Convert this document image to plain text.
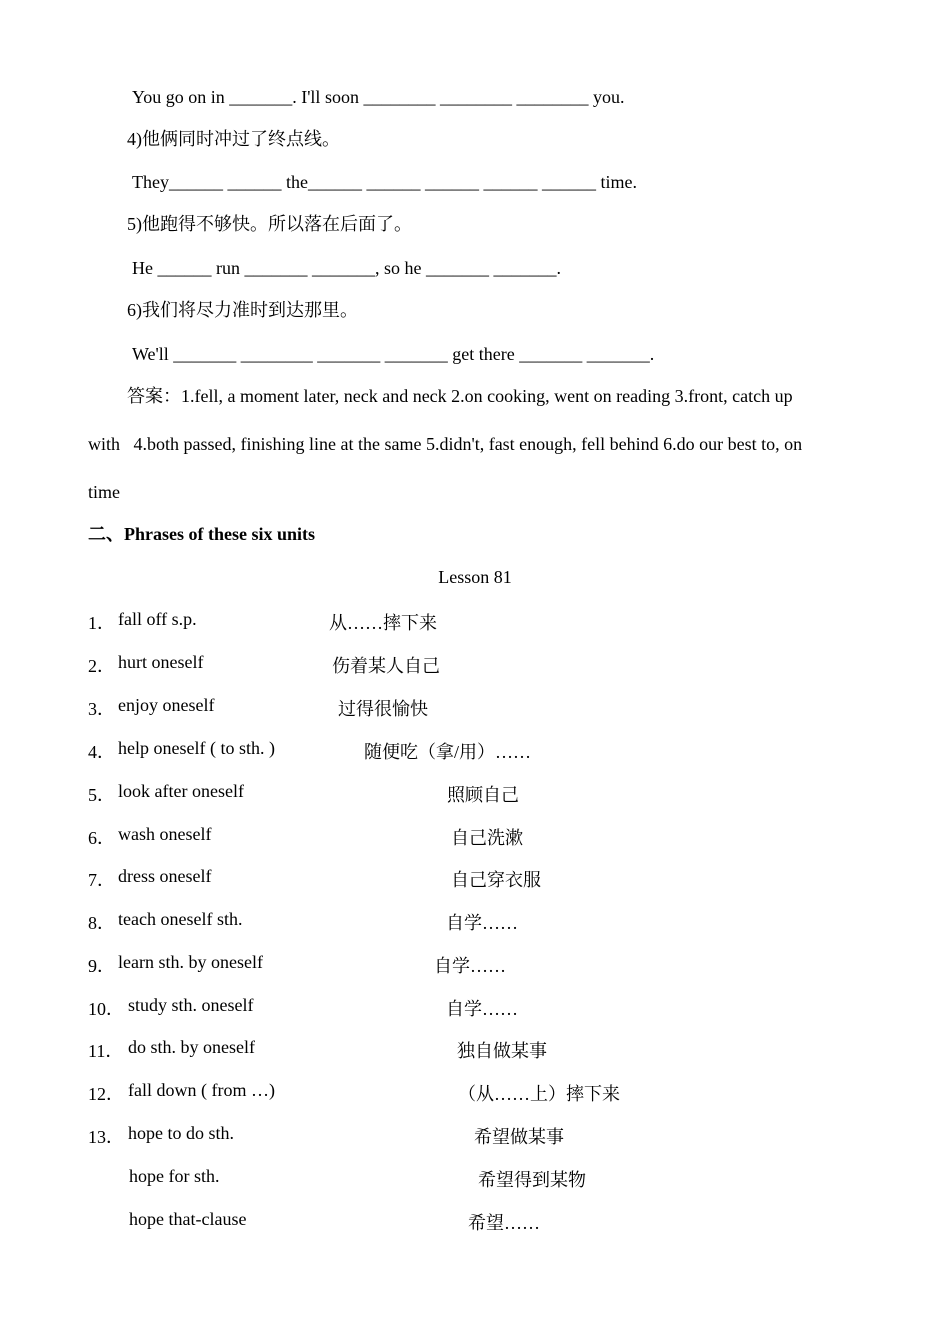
You go on in _______. I'll soon ________ ________ ________ you.
4)他俩同时冲过了终点线。
They______ ______ the______ ______ ______ ______ ______ time.
5)他跑得不够快。所以落在后面了。
He ______ run _______ _______, so he _______ _______.
6)我们将尽力准时到达那里。
We'll _______ ________ _______ _______ get there _______ _______.
答案：1.fell, a moment later, neck and neck 2.on cooking, went on reading 3.front, catch up
with   4.both passed, finishing line at the same 5.didn't, fast enough, fell behind 6.do our best to, on
time
二、Phrases of these six units
Lesson 81
1． fall off s.p.	从……摔下来
2． hurt oneself	伤着某人自己
3． enjoy oneself	过得很愉快
4． help oneself ( to sth. )	随便吃（拿/用）……
5． look after oneself	照顾自己
6． wash oneself	自己洗漱
7． dress oneself	自己穿衣服
8． teach oneself sth.	自学……
9． learn sth. by oneself	自学……
10． study sth. oneself	自学……
11． do sth. by oneself	独自做某事
12． fall down ( from …)	（从……上）摔下来
13． hope to do sth.	希望做某事
hope for sth.	希望得到某物
hope that-clause	希望……
